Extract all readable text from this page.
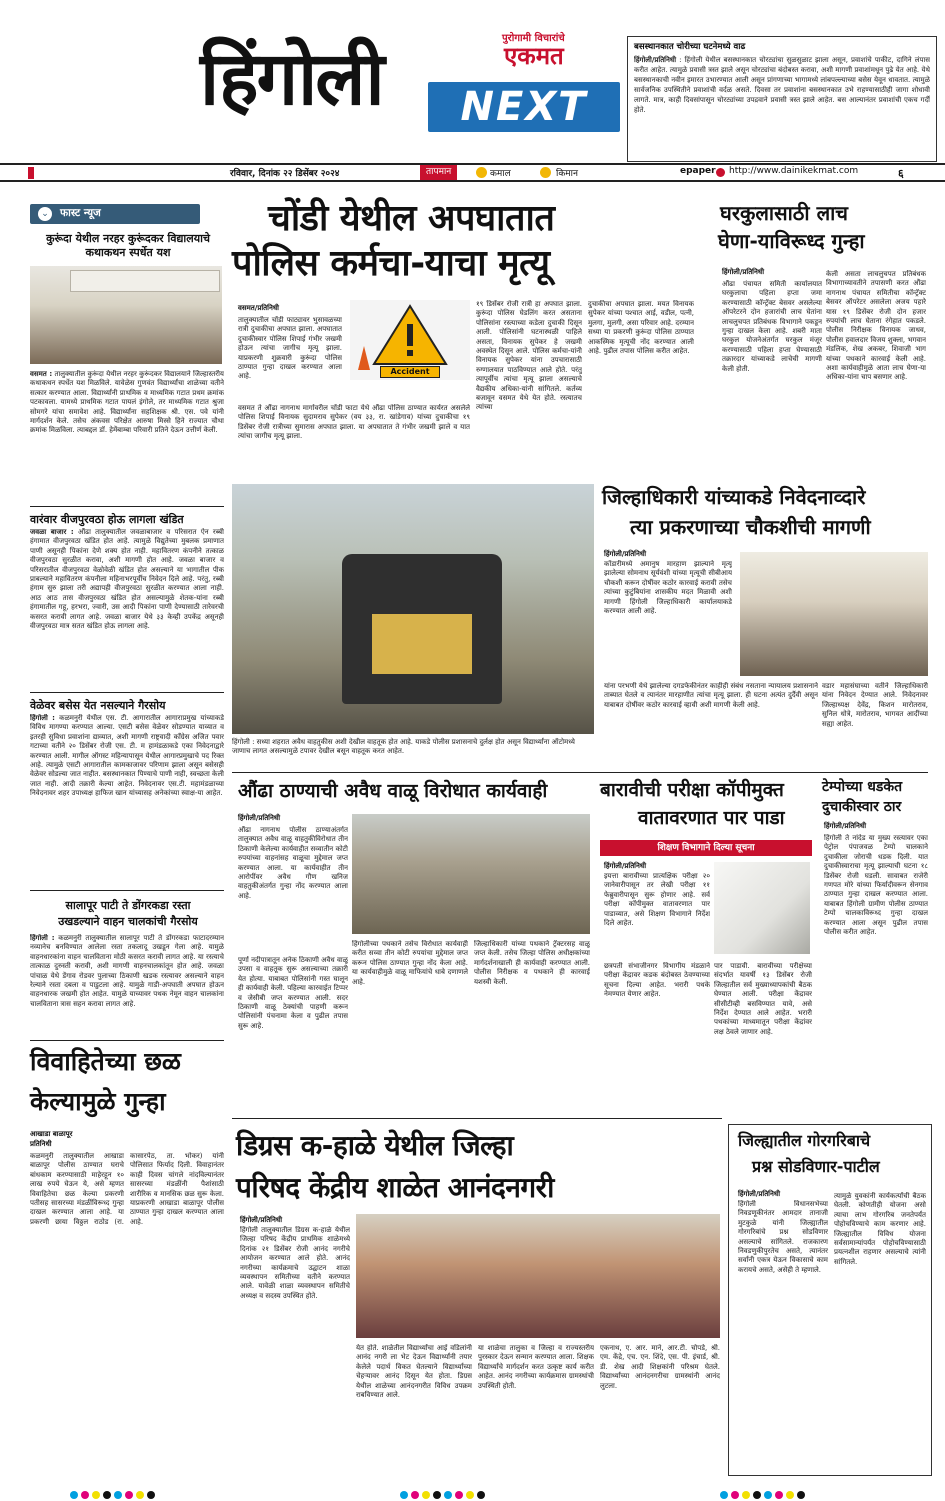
हिंगोली	पुरोगामी विचारांचे
एकमत
NEXT
बसस्थानकात चोरीच्या घटनेमध्ये वाढ
हिंगोली/प्रतिनिधी : हिंगोली येथील बसस्थानकात चोरट्यांचा सुळसुळाट झाला असून, प्रवाशांचे पाकीट, दागिने लंपास करीत आहेत. त्यामुळे प्रवासी त्रस्त झाले असून चोरट्यांचा बंदोबस्त करावा, अशी मागणी प्रवाशांमधून पुढे येत आहे. येथे बसस्थानकाची नवीन इमारत उभारण्यात आली असून प्रांगणाच्या भागामध्ये लांबपल्ल्याच्या बसेस येवून धावतात. त्यामुळे सार्वजनिक उपस्थितीने प्रवाशांची वर्दळ असते. दिवसा तर प्रवाशांना बसस्थानकात उभे राहण्यासाठीही जागा शोधावी लागते. मात्र, काही दिवसांपासून चोरट्यांच्या उपद्रवाने प्रवासी त्रस्त झाले आहेत. बस आल्यानंतर प्रवाशांची एकच गर्दी होते.
रविवार, दिनांक २२ डिसेंबर २०२४	तापमान	कमाल	किमान	epaper http://www.dainikekmat.com	६
⌄	फास्ट न्यूज
कुरूंदा येथील नरहर कुरूंदकर विद्यालयाचे कथाकथन स्पर्धेत यश
वसमत : तालुक्यातील कुरूंदा येथील नरहर कुरूंदकर विद्यालयाने जिल्हास्तरीय कथाकथन स्पर्धेत यश मिळविले. यावेळेस गुणवंत विद्यार्थ्यांचा शाळेच्या वतीने सत्कार करण्यात आला. विद्यार्थ्यांनी प्राथमिक व माध्यमिक गटात प्रथम क्रमांक पटकावला. यामध्ये प्राथमिक गटात पायलं इंगोले, तर माध्यमिक गटात श्रुजा सोमगरे यांचा समावेश आहे. विद्यार्थ्यांना सहशिक्षक श्री. एस. पवे यांनी मार्गदर्शन केले. तसेच अंकवस परिक्षेत आरुषा मिस्से हिने राज्यात चौथा क्रमांक मिळविला. त्याबद्दल डॉ. हेमेंबाम्बा परिवारी प्रतिने देऊन उत्तीर्ण केली.
वारंवार वीजपुरवठा होऊ लागला खंडित
जवळा बाजार : औंढा तालुक्यातील जवळाबाजार व परिसरात ऐन रब्बी हंगामात वीजपुरवठा खंडित होत आहे. त्यामुळे विद्युतेच्या मुबलक प्रमाणात पाणी असूनही पिकांना देणे शक्य होत नाही. महावितरण कंपनीने तत्काळ वीजपुरवठा सुरळीत करावा, अशी मागणी होत आहे. जवळा बाजार व परिसरातील वीजपुरवठा वेळोवेळी खंडित होत असल्याने या भागातील पीक प्राबल्याने महावितरण कंपनीला महिनाभरपूर्वीच निवेदन दिले आहे. परंतु, रब्बी हंगाम सुरु झाला तरी अद्यापही वीजपुरवठा सुरळीत करण्यात आला नाही. आठ आठ तास वीजपुरवठा खंडित होत असल्यामुळे शेतक-यांना रब्बी हंगामातील गहू, हरभरा, ज्वारी, उस आदी पिकांना पाणी देण्यासाठी तारेवरची कसरत करावी लागत आहे. जवळा बाजार येथे ३३ केव्ही उपकेंद्र असूनही वीजपुरवठा मात्र सतत खंडित होऊ लागला आहे.
वेळेवर बसेस येत नसल्याने गैरसोय
हिंगोली : कळमनुरी येथील एस. टी. आगारातील आगाराप्रमुख यांच्याकडे विविध मागण्या करण्यात आल्या. एसटी बसेस वेळेवर सोडण्यात याव्यात व इतरही सुविधा प्रवाशांना द्याव्यात, अशी मागणी राष्ट्रवादी काँग्रेस अजित पवार गटाच्या वतीने २० डिसेंबर रोजी एस. टी. म हामंडळाकडे एका निवेदनाद्वारे करण्यात आली. मागील ऑगस्ट महिन्यापासून येथील आगारप्रमुखाचे पद रिक्त आहे. त्यामुळे एसटी आगारातील कामकाजावर परिणाम झाला असून बसेसही वेळेवर सोडल्या जात नाहीत. बसस्थानकात पिण्याचे पाणी नाही, स्वच्छता केली जात नाही. आदी तक्रारी केल्या आहेत. निवेदनावर एस.टी. महामंडळाच्या निवेदनावर शहर उपाध्यक्ष हाफिज खान यांच्यासह अनेकांच्या स्वाक्ष-या आहेत.
सालापूर पाटी ते डोंगरकडा रस्ता
उखडल्याने वाहन चालकांची गैरसोय
हिंगोली : कळमनुरी तालुक्यातील सालापूर पाटी ते डोंगरकडा फाटादरम्यान नव्यानेच बनविण्यात आलेला रस्ता तकलादू उखडून गेला आहे. यामुळे वाहनधारकांना वाहन चालविताना मोठी कसरत करावी लागत आहे. या रस्त्याचे तात्काळ दुरुस्ती करावी, अशी मागणी वाहनचालकांतून होत आहे. जवळा पांचाळ येथे डेंगाव रोडवर पुलाच्या ठिकाणी खडक रस्त्यावर असल्याने वाहन रेल्याने रस्ता दबला व पाडुटला आहे. यामुळे गाडी-अपघाती अपघात होऊन वाहनधारक जखमी होत आहेत. यामुळे याच्यावर पथक नेमून वाहन चालकांना चालविताना त्रास सहन करावा लागत आहे.
चोंडी येथील अपघातात
पोलिस कर्मचा-याचा मृत्यू
वसमत/प्रतिनिधी
तालुक्यातील चोंडी फाट्यावर भुसावळच्या रात्री दुचाकीचा अपघात झाला. अपघातात दुचाकीस्वार पोलिस शिपाई गंभीर जखमी होऊन त्यांचा जागीच मृत्यू झाला. याप्रकरणी शुक्रवारी कुरूंदा पोलिस ठाण्यात गुन्हा दाखल करण्यात आला आहे.
Accident
वसमत ते औंढा नागनाथ मार्गावरील चोंडी फाटा येथे औंढा पोलिस ठाण्यात कार्यरत असलेले पोलिस शिपाई विनायक सुदामराव सुपेकर (वय ३३, रा. खांडेगाव) यांच्या दुचाकीचा १९ डिसेंबर रोजी रात्रीच्या सुमारास अपघात झाला. या अपघातात ते गंभीर जखमी झाले व यात त्यांचा जागीच मृत्यू झाला.
१९ डिसेंबर रोजी रात्री हा अपघात झाला. कुरूंदा पोलिस घेडलिंग करत असताना पोलिसांना रस्त्याच्या कडेला दुचाकी दिसून आली. पोलिसांनी घटनास्थळी पाहिले असता, विनायक सुपेकर हे जखमी अवस्थेत दिसून आले. पोलिस कर्मचा-यांनी विनायक सुपेकर यांना उपचारासाठी रुग्णालयात पाठविण्यात आले होते. परंतु त्यापूर्वीच त्यांचा मृत्यू झाला असल्याचे वैद्यकीय अधिका-यांनी सांगितले. कर्तव्य बजावून वसमत येथे येत होते. रस्त्यातच त्यांच्या
दुचाकीचा अपघात झाला. मयत विनायक सुपेकर यांच्या पश्चात आई, वडील, पत्नी, मुलगा, मुलगी, असा परिवार आहे. दरम्यान सध्या या प्रकरणी कुरूंदा पोलिस ठाण्यात आकस्मिक मृत्यूची नोंद करण्यात आली आहे. पुढील तपास पोलिस करीत आहेत.
घरकुलासाठी लाच
घेणा-याविरूध्द गुन्हा
हिंगोली/प्रतिनिधी
औंढा पंचायत समिती कार्यालयात घरकुलाचा पहिला हप्ता जमा करण्यासाठी कॉन्ट्रॅक्ट बेसवर असलेल्या ऑपरेटरने दोन हजारांची लाच घेतांना लाचलुचपत प्रतिबंधक विभागाने पकडून गुन्हा दाखल केला आहे. शबरी माता घरकुल योजनेअंतर्गत घरकुल मंजूर करण्यासाठी पहिला हप्ता घेण्यासाठी तक्रारदार यांच्याकडे लाचेची मागणी केली होती.
केली असता लाचलुचपत प्रतिबंधक विभागाच्यावतीने तपासणी करत औंढा नागनाथ पंचायत समितीचा कॉन्ट्रॅक्ट बेसवर ऑपरेटर असलेला अजय पहारे यास १९ डिसेंबर रोजी दोन हजार रुपयांची लाच घेताना रंगेहात पकडले. पोलीस निरीक्षक विनायक जाधव, पोलीस हवालदार विजय शुक्ला, भगवान मंडलिक, शेख अकबर, शिवाजी भाग यांच्या पथकाने कारवाई केली आहे. अशा कार्यवाहीमुळे आता लाच घेणा-या अधिका-यांना चाप बसणार आहे.
हिंगोली : सध्या शहरात अवैध वाहतुकीस अशी देखील वाहतूक होत आहे. याकडे पोलीस प्रशासनाचे दुर्लक्ष होत असून विद्यार्थ्यांना ऑटोमध्ये जाणाच लागत असल्यामुळे टपावर देखील बसून वाहतूक करत आहेत.
जिल्हाधिकारी यांच्याकडे निवेदनाव्दारे
त्या प्रकरणाच्या चौकशीची मागणी
हिंगोली/प्रतिनिधी
कोंडारीमध्ये अमानुष मारहाण झाल्याने मृत्यू झालेल्या सोमनाथ सूर्यवंशी यांच्या मृत्यूची सीबीआय चौकशी करून दोषींवर कठोर कारवाई करावी तसेच त्यांच्या कुटुंबियांना शासकीय मदत मिळावी अशी मागणी हिंगोली जिल्हाधिकारी कार्यालयाकडे करण्यात आली आहे.
यांना परभणी येथे झालेल्या दगडफेकीनंतर काहीही संबंध नसताना न्यायालय प्रशासनाने ताब्यात घेतले व त्यानंतर मारहाणीत त्यांचा मृत्यू झाला. ही घटना अत्यंत दुर्दैवी असून याबाबत दोषींवर कठोर कारवाई व्हावी अशी मागणी केली आहे.
वडार महासंघाच्या वतीने जिल्हाधिकारी यांना निवेदन देण्यात आले. निवेदनावर जिल्हाध्यक्ष देवेंद्र, किशन मारोतराव, सुनिल धोत्रे, मारोतराव, भागवत आदींच्या सह्या आहेत.
औंढा ठाण्याची अवैध वाळू विरोधात कार्यवाही
हिंगोली/प्रतिनिधी
औंढा नागनाथ पोलीस ठाण्याअंतर्गत तालुक्यात अवैध वाळू वाहतुकीविरोधात तीन ठिकाणी केलेल्या कार्यवाहीत सव्वातीन कोटी रुपयांच्या वाहनांसह वाळूचा मुद्देमाल जप्त करण्यात आला. या कार्यवाहीत तीन आरोपींवर अवैध गौण खनिज वाहतुकीअंतर्गत गुन्हा नोंद करण्यात आला आहे.
पूर्णा नदीपात्रातून अनेक ठिकाणी अवैध वाळू उपसा व वाहतूक सुरू असल्याच्या तक्रारी येत होत्या. याबाबत पोलिसांनी गस्त घालून ही कार्यवाही केली. पहिल्या कारवाईत टिप्पर व जेसीबी जप्त करण्यात आली. सदर ठिकाणी वाळू ठेक्यांची पाहणी करून पोलिसांनी पंचनामा केला व पुढील तपास सुरू आहे.
हिंगोलीच्या पथकाने तसेच विरोधात कार्यवाही करीत सव्वा तीन कोटी रुपयांचा मुद्देमाल जप्त करून पोलिस ठाण्यात गुन्हा नोंद केला आहे. या कार्यवाहीमुळे वाळू माफियांचे धाबे दणाणले आहे.
जिल्हाधिकारी यांच्या पथकाने ट्रॅक्टरसह वाळू जप्त केली. तसेच जिल्हा पोलिस अधीक्षकांच्या मार्गदर्शनाखाली ही कार्यवाही करण्यात आली. पोलीस निरीक्षक व पथकाने ही कारवाई यशस्वी केली.
बारावीची परीक्षा कॉपीमुक्त
वातावरणात पार पाडा
शिक्षण विभागाने दिल्या सूचना
हिंगोली/प्रतिनिधी
इयत्ता बारावीच्या प्रात्यक्षिक परीक्षा २० जानेवारीपासून तर लेखी परीक्षा ११ फेब्रुवारीपासून सुरू होणार आहे. सर्व परीक्षा कॉपीमुक्त वातावरणात पार पाडाव्यात, असे शिक्षण विभागाने निर्देश दिले आहेत.
छत्रपती संभाजीनगर विभागीय मंडळाने परीक्षा केंद्रावर कडक बंदोबस्त ठेवण्याच्या सूचना दिल्या आहेत. भरारी पथके नेमण्यात येणार आहेत.
पार पाडावी. बारावीच्या परीक्षेच्या संदर्भात यावर्षी १३ डिसेंबर रोजी जिल्हातील सर्व मुख्याध्यापकांची बैठक घेण्यात आली. परीक्षा केंद्रावर सीसीटीव्ही बसविण्यात यावे, असे निर्देश देण्यात आले आहेत. भरारी पथकांच्या माध्यमातून परीक्षा केंद्रांवर लक्ष ठेवले जाणार आहे.
टेम्पोच्या धडकेत
दुचाकीस्वार ठार
हिंगोली/प्रतिनिधी
हिंगोली ते नांदेड या मुख्य रस्त्यावर एका पेट्रोल पंपाजवळ टेम्पो चालकाने दुचाकीला जोराची धडक दिली. यात दुचाकीस्वाराचा मृत्यू झाल्याची घटना १८ डिसेंबर रोजी घडली. सावाबत राजेरी गणपत मोरे यांच्या फिर्यादीवरून सेनगाव ठाण्यात गुन्हा दाखल करण्यात आला. याबाबत हिंगोली ग्रामीण पोलीस ठाण्यात टेम्पो चालकाविरूध्द गुन्हा दाखल करण्यात आला असून पुढील तपास पोलीस करीत आहेत.
विवाहितेच्या छळ
केल्यामुळे गुन्हा
आखाडा बाळापूर
प्रतिनिधी
कळमनुरी तालुक्यातील आखाडा बाळापूर पोलीस ठाण्यात घराचे बांधकाम करण्यासाठी माहेरहून १० लाख रुपये घेऊन ये, असे म्हणत विवाहितेचा छळ केल्या प्रकरणी पतीसह सासरच्या मंडळींविरूध्द गुन्हा दाखल करण्यात आला आहे. या प्रकरणी छाया विठ्ठल राठोड (रा. कासारपेठ, ता. भोकर) यांनी पोलिसात फिर्याद दिली. विवाहानंतर काही दिवस चांगले नांदविल्यानंतर सासरच्या मंडळींनी पैशांसाठी शारीरिक व मानसिक छळ सुरू केला. याप्रकरणी आखाडा बाळापूर पोलीस ठाण्यात गुन्हा दाखल करण्यात आला आहे.
डिग्रस क-हाळे येथील जिल्हा
परिषद केंद्रीय शाळेत आनंदनगरी
हिंगोली/प्रतिनिधी
हिंगोली तालुक्यातील डिग्रस क-हाळे येथील जिल्हा परिषद केंद्रीय प्राथमिक शाळेमध्ये दिनांक २१ डिसेंबर रोजी आनंद नगरीचे आयोजन करण्यात आले होते. आनंद नगरीच्या कार्यक्रमाचे उद्घाटन शाळा व्यवस्थापन समितीच्या वतीने करण्यात आले. यावेळी शाळा व्यवस्थापन समितीचे अध्यक्ष व सदस्य उपस्थित होते.
येत होते. शाळेतील विद्यार्थ्यांचा आई वडिलांनी आनंद नगरी ला भेट देऊन विद्यार्थ्यांनी तयार केलेले पदार्थ विकत घेतल्याने विद्यार्थ्यांच्या चेहऱ्यावर आनंद दिसून येत होता. डिग्रस येथील शाळेच्या आनंदनगरीत विविध उपक्रम राबविण्यात आले.
या शाळेचा तालुका व जिल्हा व राज्यस्तरीय पुरस्कार देऊन सन्मान करण्यात आला. शिक्षक विद्यार्थ्यांचे मार्गदर्शन करत उत्कृष्ट कार्य करीत आहेत. आनंद नगरीच्या कार्यक्रमास ग्रामस्थांची उपस्थिती होती.
एकनाथ, ए. आर. माने, आर.टी. चोपडे, श्री. एम. केंद्रे, एच. एन. शिंदे, एस. पी. इंचार्ड, श्री. डी. शेख आदी शिक्षकांनी परिश्रम घेतले. विद्यार्थ्यांच्या आनंदनगरीचा ग्रामस्थांनी आनंद लुटला.
जिल्ह्यातील गोरगरिबाचे
प्रश्न सोडविणार-पाटील
हिंगोली/प्रतिनिधी
हिंगोली विधानसभेच्या निवडणूकीनंतर आमदार तानाजी मुटकुळे यांनी जिल्ह्यातील गोरगरिबांचे प्रश्न सोडविणार असल्याचे सांगितले. राजकारण निवडणुकीपुरतेच असते, त्यानंतर सर्वांनी एकत्र येऊन विकासाचे काम करायचे असते, असेही ते म्हणाले.
त्यामुळे युवकांनी कार्यकर्त्यांची बैठक घेतली. कोणतीही योजना असो त्याचा लाभ गोरगरिब जनतेपर्यंत पोहोचविण्याचे काम करणार आहे. जिल्ह्यातील विविध योजना सर्वसामान्यांपर्यंत पोहोचविण्यासाठी प्रयत्नशील राहणार असल्याचे त्यांनी सांगितले.
